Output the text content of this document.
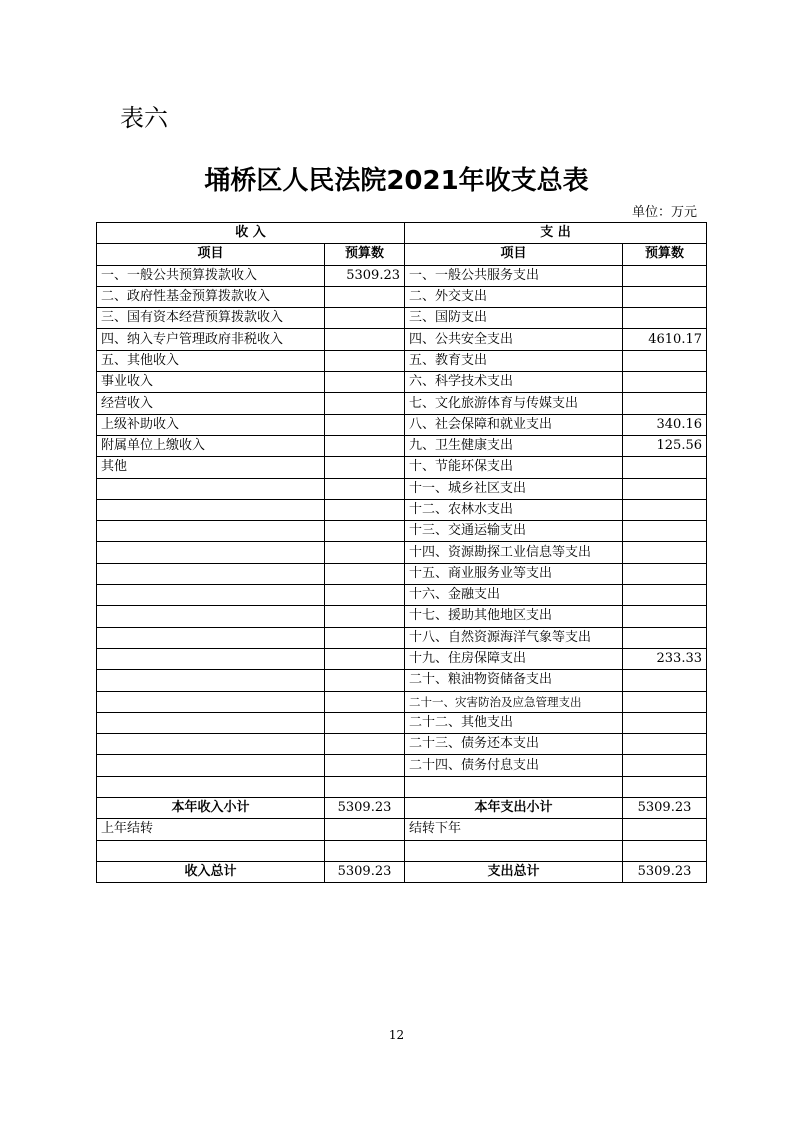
表六
埇桥区人民法院2021年收支总表
单位：万元
收 入		支 出	
项目	预算数	项目	预算数
一、一般公共预算拨款收入	5309.23	一、一般公共服务支出	
二、政府性基金预算拨款收入		二、外交支出	
三、国有资本经营预算拨款收入		三、国防支出	
四、纳入专户管理政府非税收入		四、公共安全支出	4610.17
五、其他收入		五、教育支出	
事业收入		六、科学技术支出	
经营收入		七、文化旅游体育与传媒支出	
上级补助收入		八、社会保障和就业支出	340.16
附属单位上缴收入		九、卫生健康支出	125.56
其他		十、节能环保支出	
		十一、城乡社区支出	
		十二、农林水支出	
		十三、交通运输支出	
		十四、资源勘探工业信息等支出	
		十五、商业服务业等支出	
		十六、金融支出	
		十七、援助其他地区支出	
		十八、自然资源海洋气象等支出	
		十九、住房保障支出	233.33
		二十、粮油物资储备支出	
		二十一、灾害防治及应急管理支出	
		二十二、其他支出	
		二十三、债务还本支出	
		二十四、债务付息支出	

本年收入小计	5309.23	本年支出小计	5309.23
上年结转		结转下年	

收入总计	5309.23	支出总计	5309.23
12
